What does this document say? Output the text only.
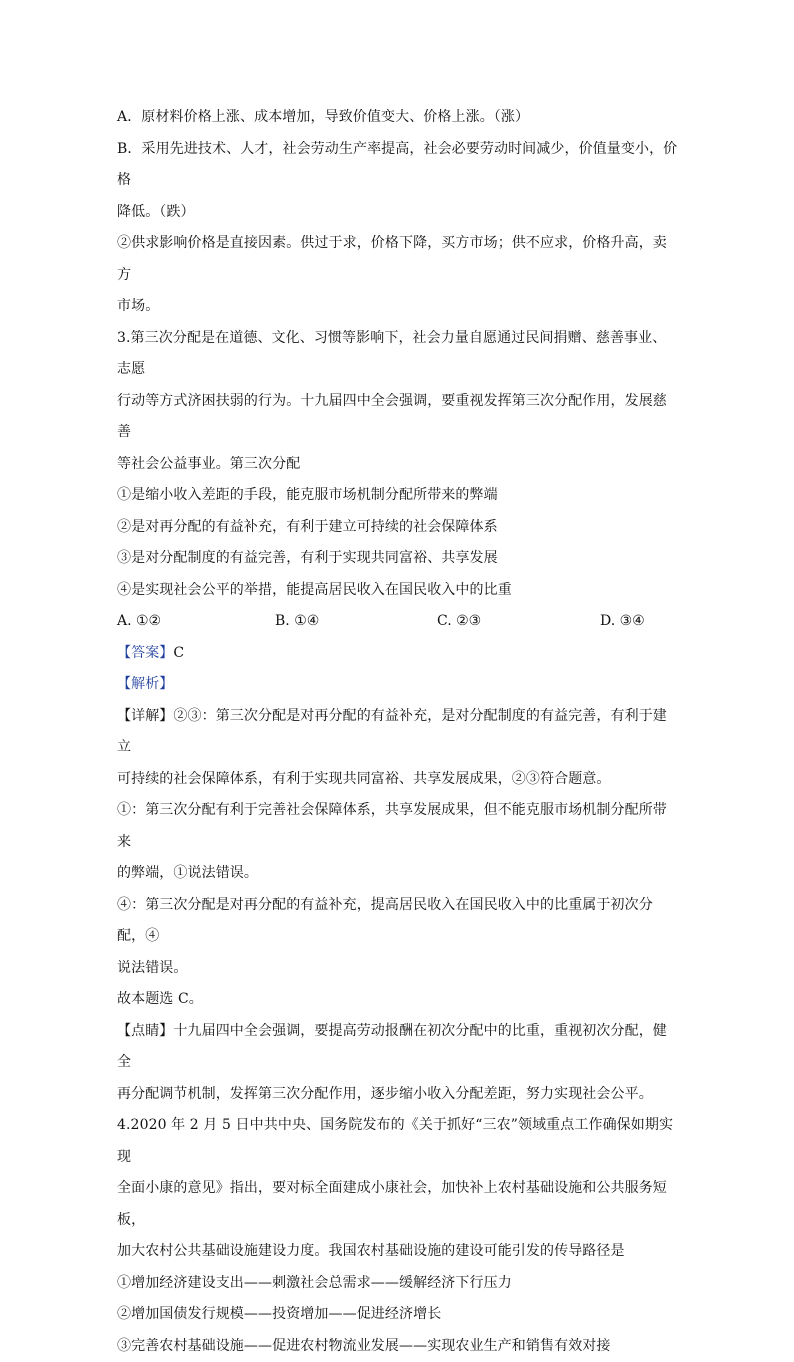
A．原材料价格上涨、成本增加，导致价值变大、价格上涨。（涨）

B．采用先进技术、人才，社会劳动生产率提高，社会必要劳动时间减少，价值量变小，价格

降低。（跌）

②供求影响价格是直接因素。供过于求，价格下降，买方市场；供不应求，价格升高，卖方

市场。

3.第三次分配是在道德、文化、习惯等影响下，社会力量自愿通过民间捐赠、慈善事业、志愿

行动等方式济困扶弱的行为。十九届四中全会强调，要重视发挥第三次分配作用，发展慈善

等社会公益事业。第三次分配

①是缩小收入差距的手段，能克服市场机制分配所带来的弊端

②是对再分配的有益补充，有利于建立可持续的社会保障体系

③是对分配制度的有益完善，有利于实现共同富裕、共享发展

④是实现社会公平的举措，能提高居民收入在国民收入中的比重

A. ①②	B. ①④	C. ②③	D. ③④

【答案】C

【解析】

【详解】②③：第三次分配是对再分配的有益补充，是对分配制度的有益完善，有利于建立

可持续的社会保障体系，有利于实现共同富裕、共享发展成果，②③符合题意。

①：第三次分配有利于完善社会保障体系，共享发展成果，但不能克服市场机制分配所带来

的弊端，①说法错误。

④：第三次分配是对再分配的有益补充，提高居民收入在国民收入中的比重属于初次分配，④

说法错误。

故本题选 C。

【点睛】十九届四中全会强调，要提高劳动报酬在初次分配中的比重，重视初次分配，健全

再分配调节机制，发挥第三次分配作用，逐步缩小收入分配差距，努力实现社会公平。

4.2020 年 2 月 5 日中共中央、国务院发布的《关于抓好“三农”领域重点工作确保如期实现

全面小康的意见》指出，要对标全面建成小康社会，加快补上农村基础设施和公共服务短板，

加大农村公共基础设施建设力度。我国农村基础设施的建设可能引发的传导路径是

①增加经济建设支出——刺激社会总需求——缓解经济下行压力

②增加国债发行规模——投资增加——促进经济增长

③完善农村基础设施——促进农村物流业发展——实现农业生产和销售有效对接
